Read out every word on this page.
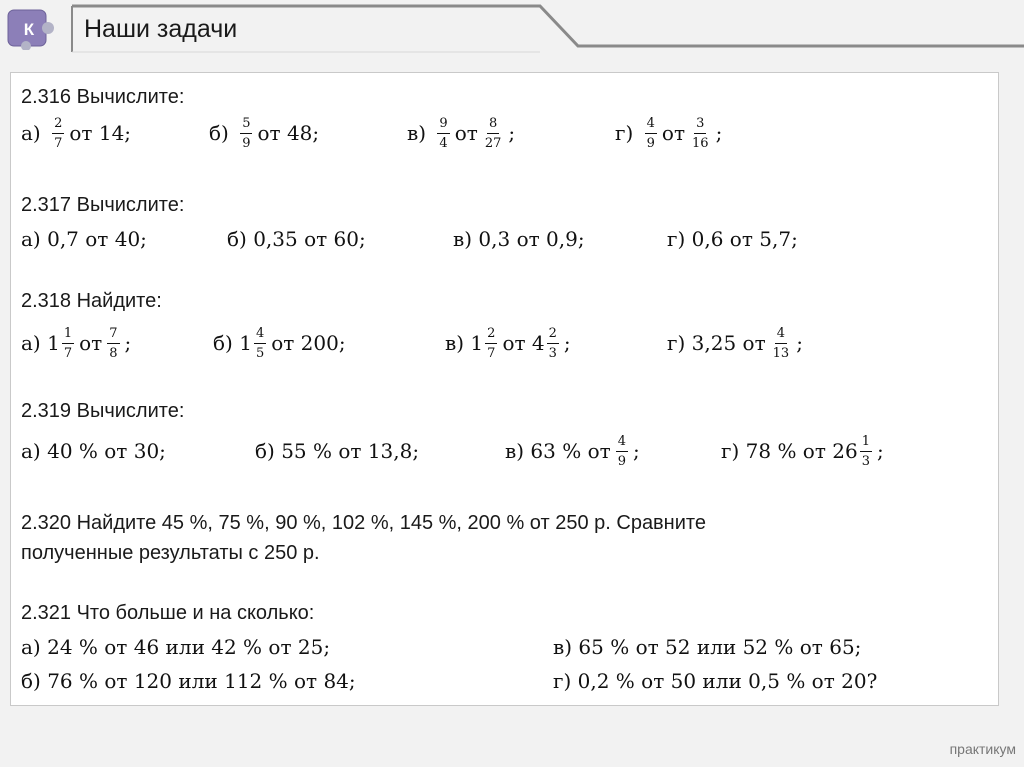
К	Наши задачи
2.316 Вычислите:
$а) \frac{2}{7}$ от 14;	$б) \frac{5}{9}$ от 48;	$в) \frac{9}{4}$ от $\frac{8}{27}$ ;	$г) \frac{4}{9}$ от $\frac{3}{16}$ ;
2.317 Вычислите:
а) 0,7 от 40;	б) 0,35 от 60;	в) 0,3 от 0,9;	г) 0,6 от 5,7;
2.318 Найдите:
а) $1 \frac{1}{7}$ от $\frac{7}{8}$ ;	б) $1 \frac{4}{5}$ от 200;	в) $1 \frac{2}{7}$ от $4 \frac{2}{3}$ ;	г) 3,25 от $\frac{4}{13}$ ;
2.319 Вычислите:
а) 40 % от 30;	б) 55 % от 13,8;	в) 63 % от $\frac{4}{9}$ ;	г) 78 % от $26 \frac{1}{3}$ ;
2.320 Найдите 45 %, 75 %, 90 %, 102 %, 145 %, 200 % от 250 р. Сравните
полученные результаты с 250 р.
2.321 Что больше и на сколько:
а) 24 % от 46 или 42 % от 25;	в) 65 % от 52 или 52 % от 65;
б) 76 % от 120 или 112 % от 84;	г) 0,2 % от 50 или 0,5 % от 20?
практикум
